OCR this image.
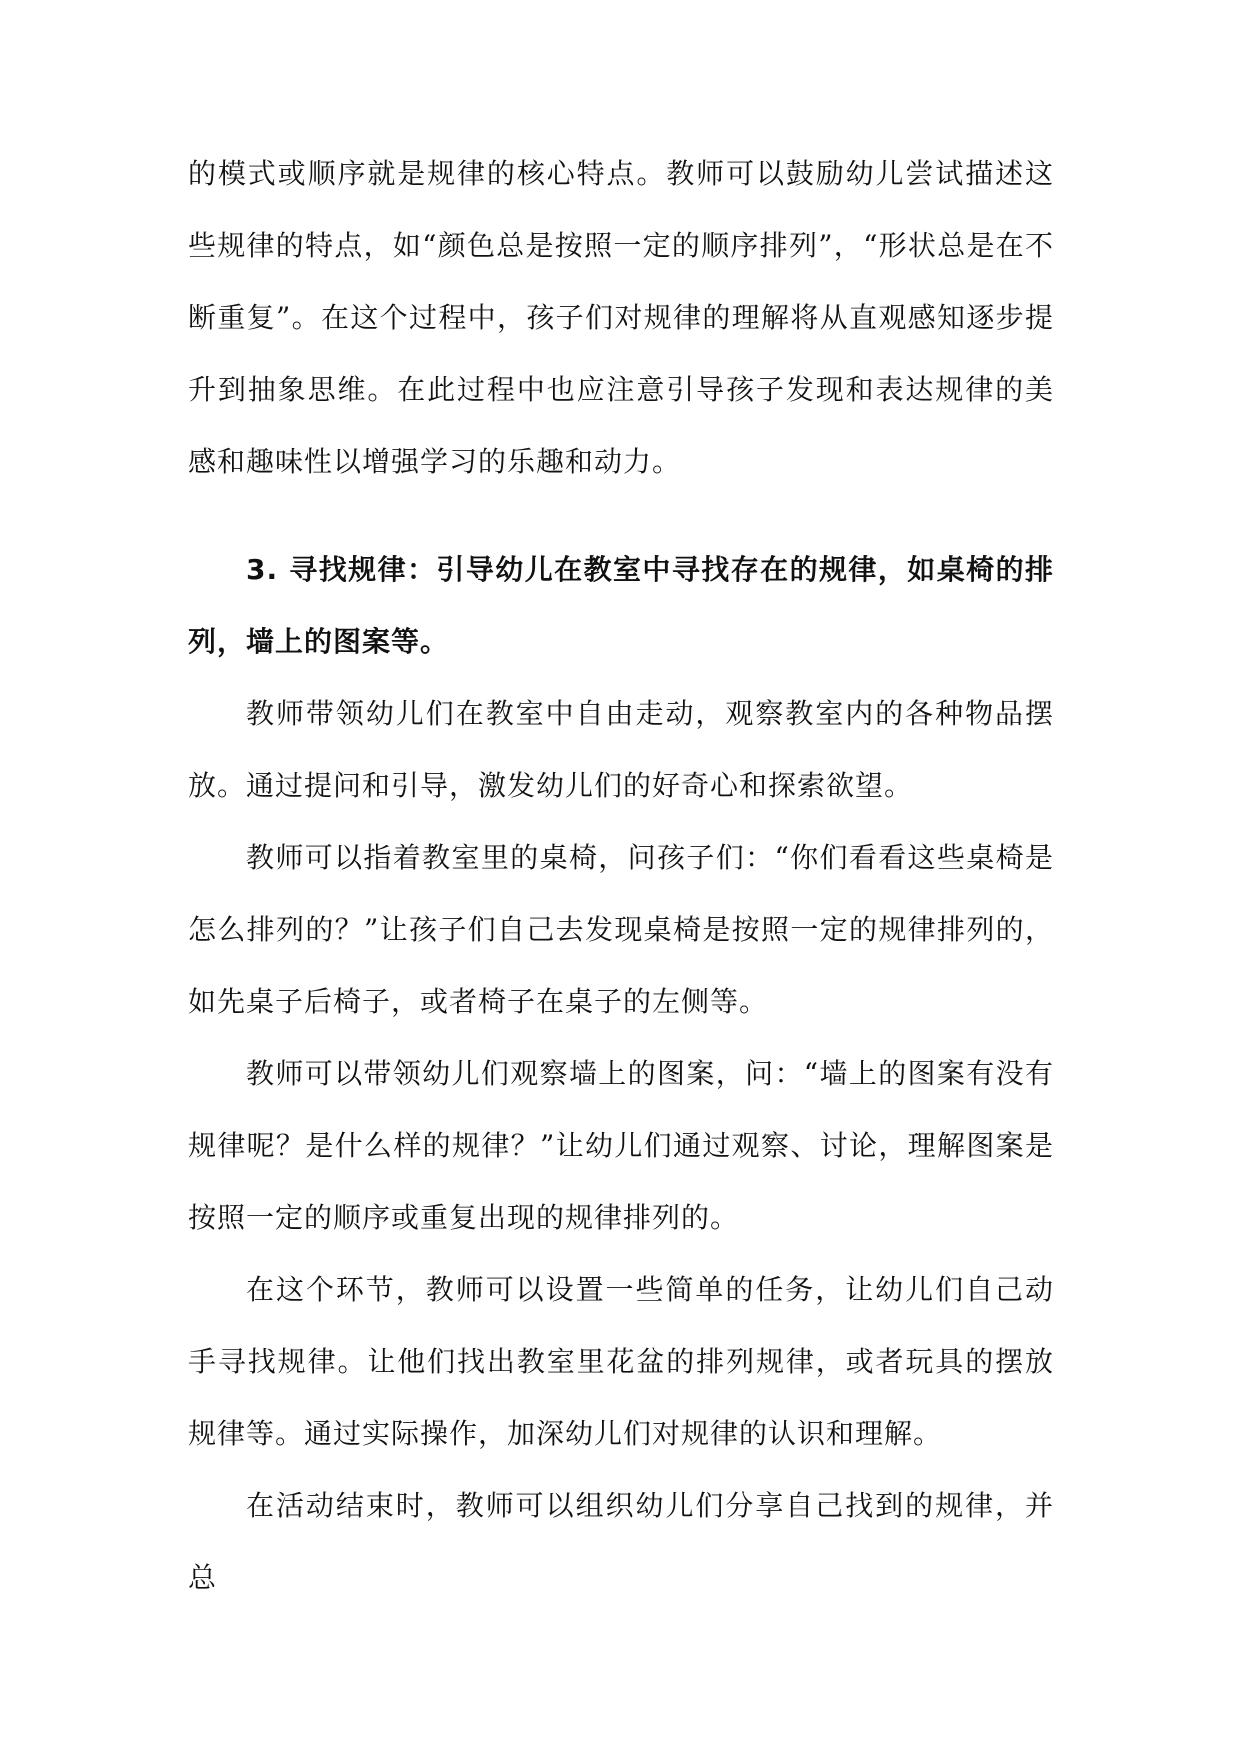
的模式或顺序就是规律的核心特点。教师可以鼓励幼儿尝试描述这些规律的特点，如“颜色总是按照一定的顺序排列”，“形状总是在不断重复”。在这个过程中，孩子们对规律的理解将从直观感知逐步提升到抽象思维。在此过程中也应注意引导孩子发现和表达规律的美感和趣味性以增强学习的乐趣和动力。

3. 寻找规律：引导幼儿在教室中寻找存在的规律，如桌椅的排列，墙上的图案等。

教师带领幼儿们在教室中自由走动，观察教室内的各种物品摆放。通过提问和引导，激发幼儿们的好奇心和探索欲望。

教师可以指着教室里的桌椅，问孩子们：“你们看看这些桌椅是怎么排列的？”让孩子们自己去发现桌椅是按照一定的规律排列的，如先桌子后椅子，或者椅子在桌子的左侧等。

教师可以带领幼儿们观察墙上的图案，问：“墙上的图案有没有规律呢？是什么样的规律？”让幼儿们通过观察、讨论，理解图案是按照一定的顺序或重复出现的规律排列的。

在这个环节，教师可以设置一些简单的任务，让幼儿们自己动手寻找规律。让他们找出教室里花盆的排列规律，或者玩具的摆放规律等。通过实际操作，加深幼儿们对规律的认识和理解。

在活动结束时，教师可以组织幼儿们分享自己找到的规律，并总
